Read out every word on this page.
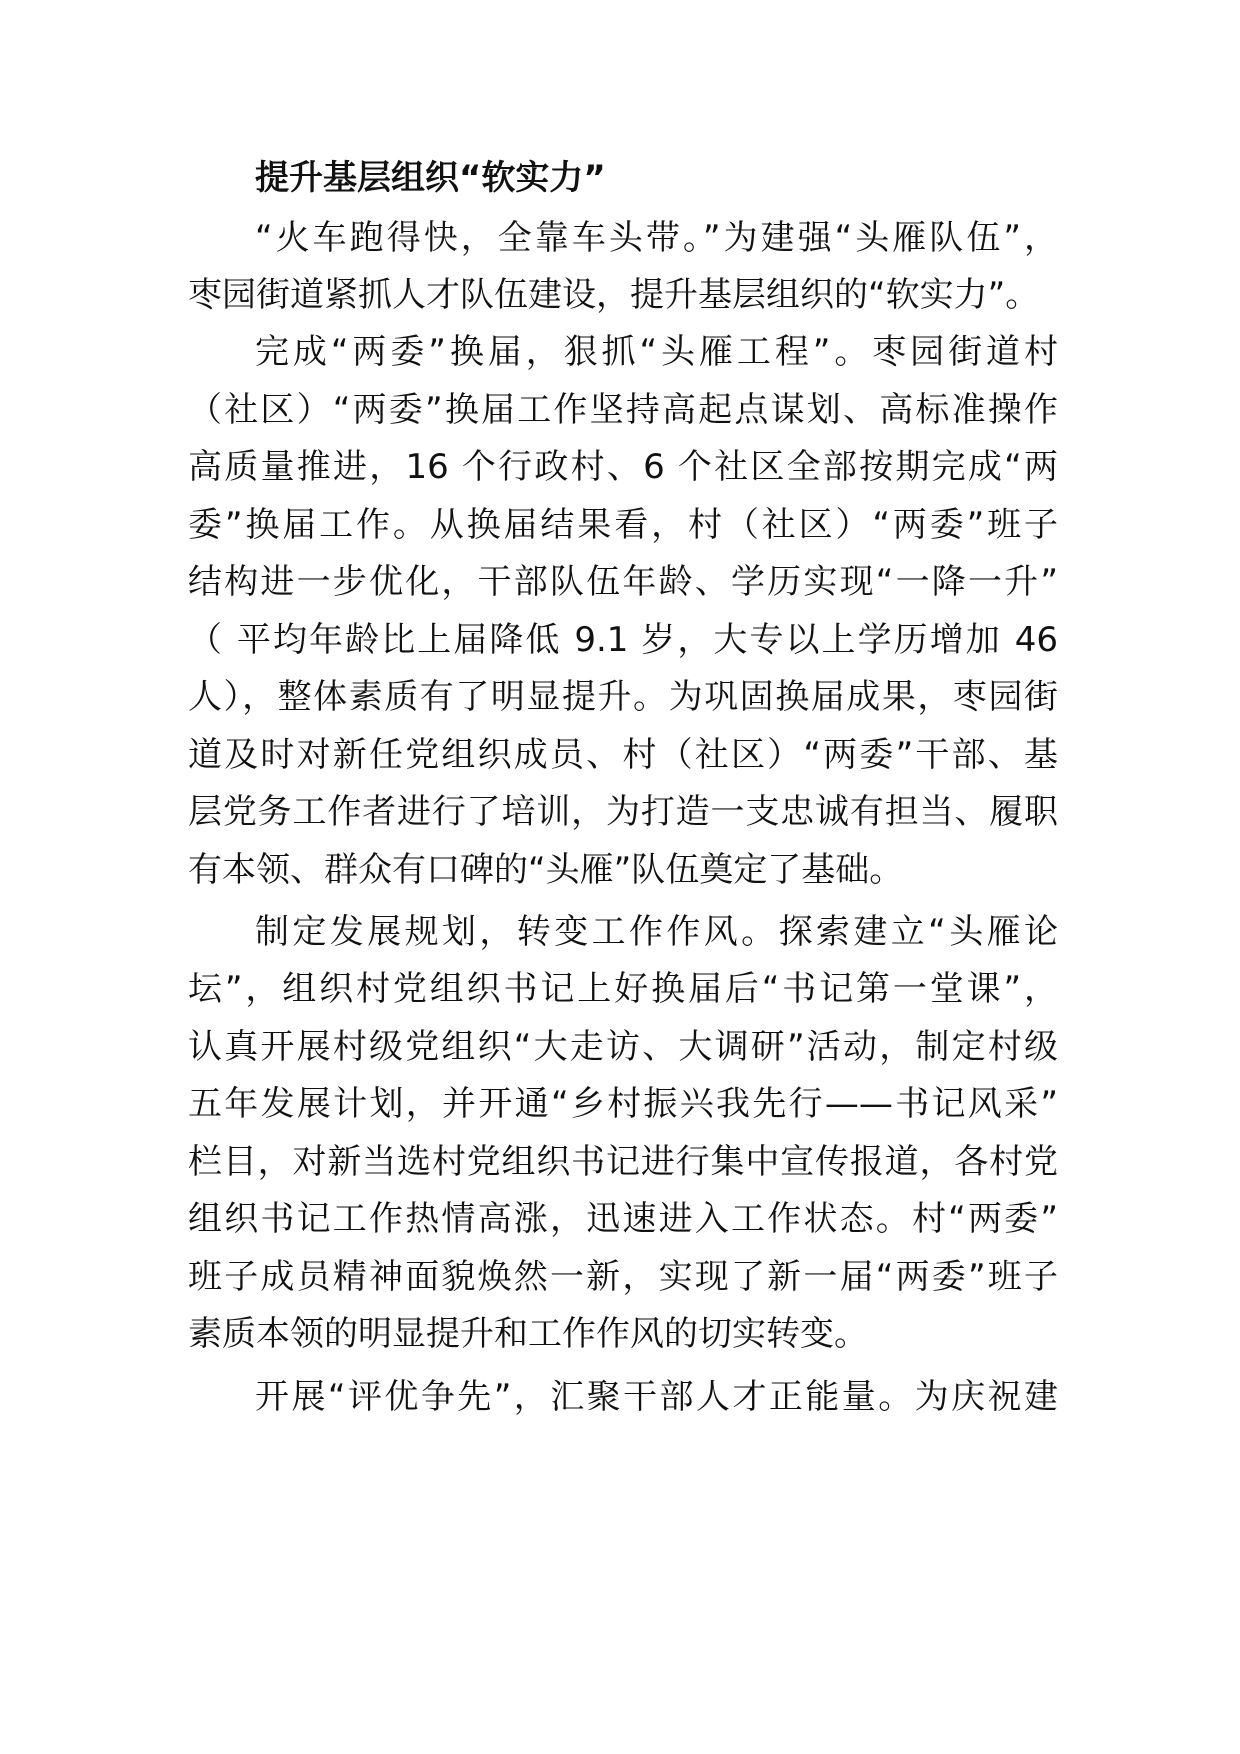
提升基层组织“软实力”
“火车跑得快，全靠车头带。”为建强“头雁队伍”，
枣园街道紧抓人才队伍建设，提升基层组织的“软实力”。
完成“两委”换届，狠抓“头雁工程”。枣园街道村
（社区）“两委”换届工作坚持高起点谋划、高标准操作
高质量推进，16 个行政村、6 个社区全部按期完成“两
委”换届工作。从换届结果看，村（社区）“两委”班子
结构进一步优化，干部队伍年龄、学历实现“一降一升”
（ 平均年龄比上届降低 9.1 岁，大专以上学历增加 46
人），整体素质有了明显提升。为巩固换届成果，枣园街
道及时对新任党组织成员、村（社区）“两委”干部、基
层党务工作者进行了培训，为打造一支忠诚有担当、履职
有本领、群众有口碑的“头雁”队伍奠定了基础。
制定发展规划，转变工作作风。探索建立“头雁论
坛”，组织村党组织书记上好换届后“书记第一堂课”，
认真开展村级党组织“大走访、大调研”活动，制定村级
五年发展计划，并开通“乡村振兴我先行——书记风采”
栏目，对新当选村党组织书记进行集中宣传报道，各村党
组织书记工作热情高涨，迅速进入工作状态。村“两委”
班子成员精神面貌焕然一新，实现了新一届“两委”班子
素质本领的明显提升和工作作风的切实转变。
开展“评优争先”，汇聚干部人才正能量。为庆祝建
